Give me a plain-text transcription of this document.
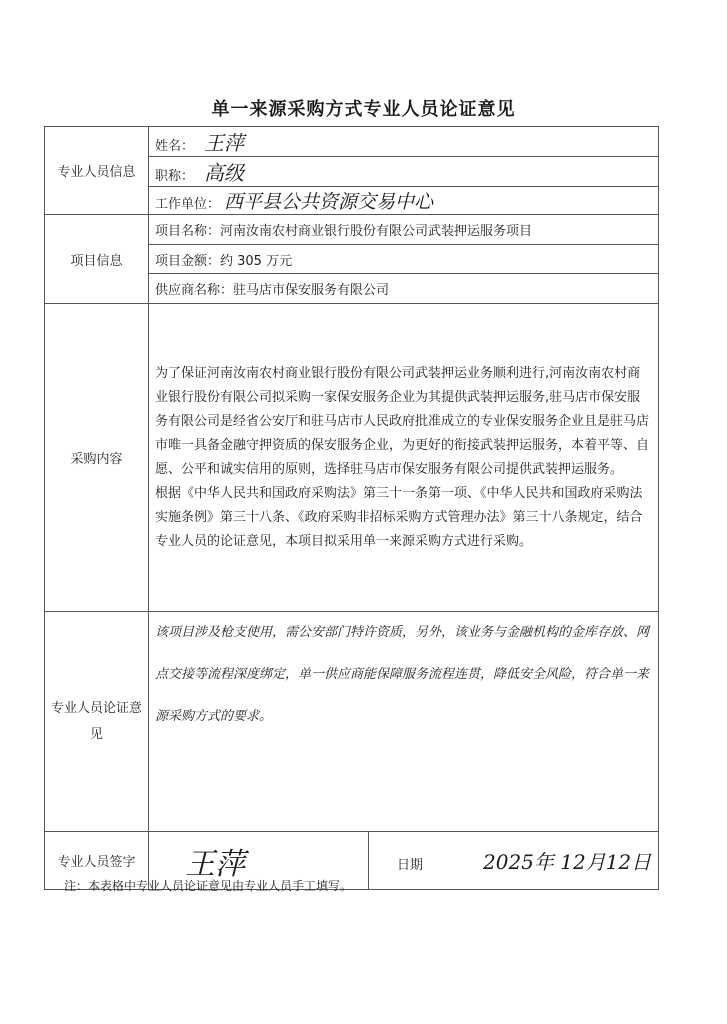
单一来源采购方式专业人员论证意见
专业人员信息	姓名： 王萍	
	职称： 高级	
	工作单位： 西平县公共资源交易中心	
项目信息	项目名称：河南汝南农村商业银行股份有限公司武装押运服务项目	
	项目金额：约 305 万元	
	供应商名称：驻马店市保安服务有限公司	
采购内容	为了保证河南汝南农村商业银行股份有限公司武装押运业务顺利进行,河南汝南农村商业银行股份有限公司拟采购一家保安服务企业为其提供武装押运服务,驻马店市保安服务有限公司是经省公安厅和驻马店市人民政府批准成立的专业保安服务企业且是驻马店市唯一具备金融守押资质的保安服务企业，为更好的衔接武装押运服务，本着平等、自愿、公平和诚实信用的原则，选择驻马店市保安服务有限公司提供武装押运服务。

根据《中华人民共和国政府采购法》第三十一条第一项、《中华人民共和国政府采购法实施条例》第三十八条、《政府采购非招标采购方式管理办法》第三十八条规定，结合专业人员的论证意见，本项目拟采用单一来源采购方式进行采购。	

专业人员论证意见	该项目涉及枪支使用，需公安部门特许资质，另外，该业务与金融机构的金库存放、网点交接等流程深度绑定，单一供应商能保障服务流程连贯，降低安全风险，符合单一来源采购方式的要求。	
专业人员签字	王萍	日期 2025年 12月12日
注：本表格中专业人员论证意见由专业人员手工填写。
